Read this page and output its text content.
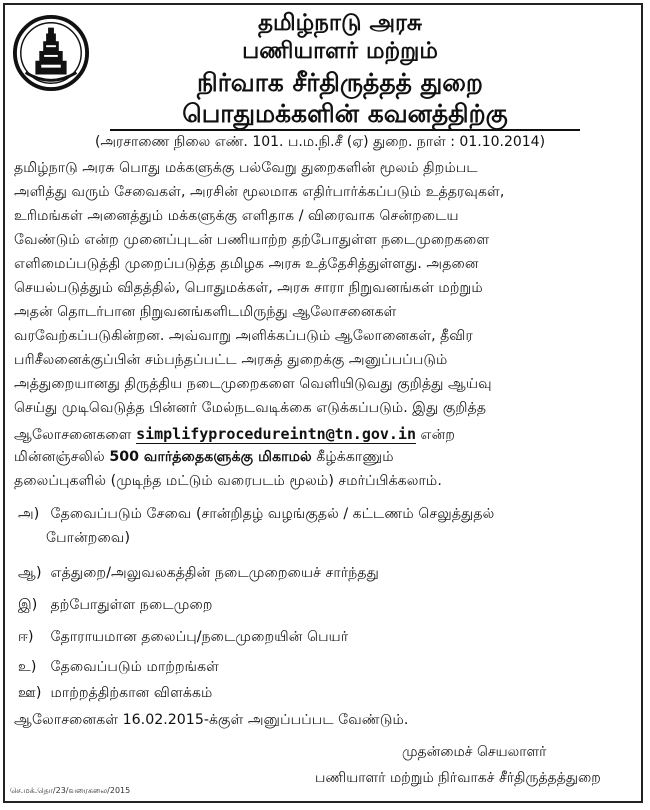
தமிழ்நாடு அரசு
பணியாளர் மற்றும்
நிர்வாக சீர்திருத்தத் துறை
பொதுமக்களின் கவனத்திற்கு
(அரசாணை நிலை எண். 101. ப.ம.நி.சீ (ஏ) துறை. நாள் : 01.10.2014)
தமிழ்நாடு அரசு பொது மக்களுக்கு பல்வேறு துறைகளின் மூலம் திறம்பட
அளித்து வரும் சேவைகள், அரசின் மூலமாக எதிர்பார்க்கப்படும் உத்தரவுகள்,
உரிமங்கள் அனைத்தும் மக்களுக்கு எளிதாக / விரைவாக சென்றடைய
வேண்டும் என்ற முனைப்புடன் பணியாற்ற தற்போதுள்ள நடைமுறைகளை
எளிமைப்படுத்தி முறைப்படுத்த தமிழக அரசு உத்தேசித்துள்ளது. அதனை
செயல்படுத்தும் விதத்தில், பொதுமக்கள், அரசு சாரா நிறுவனங்கள் மற்றும்
அதன் தொடர்பான நிறுவனங்களிடமிருந்து ஆலோசனைகள்
வரவேற்கப்படுகின்றன. அவ்வாறு அளிக்கப்படும் ஆலோனைகள், தீவிர
பரிசீலனைக்குப்பின் சம்பந்தப்பட்ட அரசுத் துறைக்கு அனுப்பப்படும்
அத்துறையானது திருத்திய நடைமுறைகளை வெளியிடுவது குறித்து ஆய்வு
செய்து முடிவெடுத்த பின்னர் மேல்நடவடிக்கை எடுக்கப்படும். இது குறித்த
ஆலோசனைகளை simplifyprocedureintn@tn.gov.in என்ற
மின்னஞ்சலில் 500 வார்த்தைகளுக்கு மிகாமல் கீழ்க்காணும்
தலைப்புகளில் (முடிந்த மட்டும் வரைபடம் மூலம்) சமர்ப்பிக்கலாம்.
அ) தேவைப்படும் சேவை (சான்றிதழ் வழங்குதல் / கட்டணம் செலுத்துதல்
போன்றவை)
ஆ) எத்துறை/அலுவலகத்தின் நடைமுறையைச் சார்ந்தது
இ) தற்போதுள்ள நடைமுறை
ஈ) தோராயமான தலைப்பு/நடைமுறையின் பெயர்
உ) தேவைப்படும் மாற்றங்கள்
ஊ) மாற்றத்திற்கான விளக்கம்
ஆலோசனைகள் 16.02.2015-க்குள் அனுப்பப்பட வேண்டும்.
முதன்மைச் செயலாளர்
பணியாளர் மற்றும் நிர்வாகச் சீர்திருத்தத்துறை
செ.மக்.தொ/23/வரைகலை/2015
